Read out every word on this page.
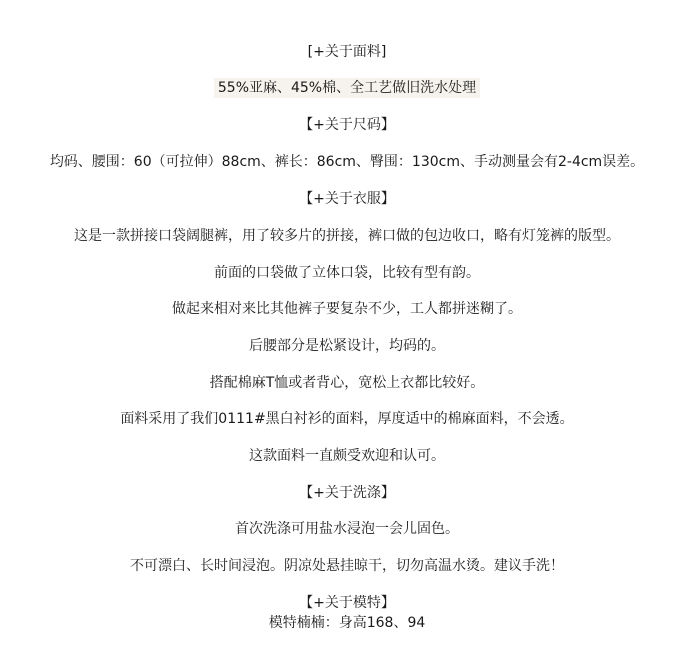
[+关于面料]
55%亚麻、45%棉、全工艺做旧洗水处理
【+关于尺码】
均码、腰围：60（可拉伸）88cm、裤长：86cm、臀围：130cm、手动测量会有2-4cm误差。
【+关于衣服】
这是一款拼接口袋阔腿裤，用了较多片的拼接，裤口做的包边收口，略有灯笼裤的版型。
前面的口袋做了立体口袋，比较有型有韵。
做起来相对来比其他裤子要复杂不少，工人都拼迷糊了。
后腰部分是松紧设计，均码的。
搭配棉麻T恤或者背心，宽松上衣都比较好。
面料采用了我们0111#黑白衬衫的面料，厚度适中的棉麻面料，不会透。
这款面料一直颇受欢迎和认可。
【+关于洗涤】
首次洗涤可用盐水浸泡一会儿固色。
不可漂白、长时间浸泡。阴凉处悬挂晾干，切勿高温水烫。建议手洗！
【+关于模特】
模特楠楠：身高168、94
